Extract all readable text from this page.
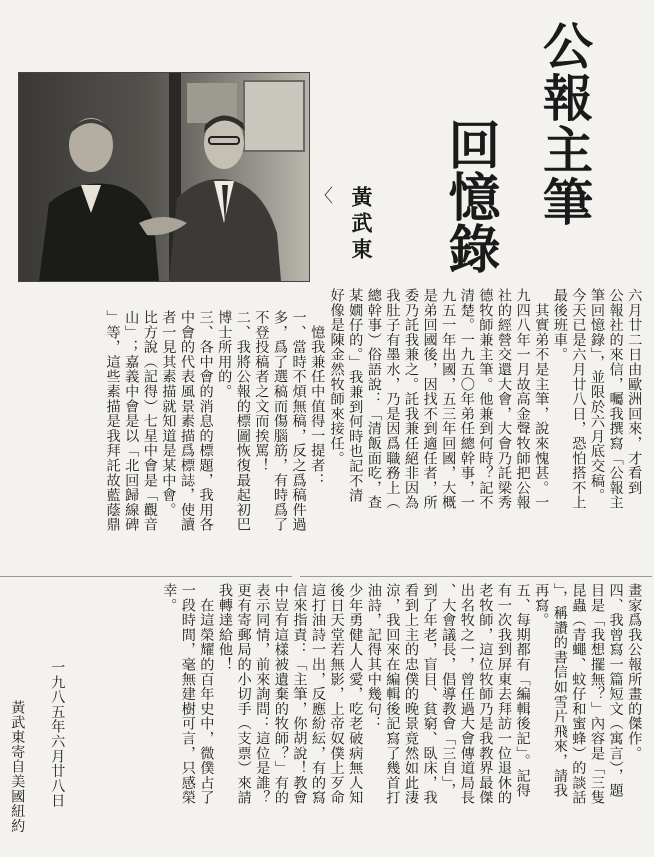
公報主筆
回憶錄
黃武東
〈
六月廿二日由歐洲回來，才看到
公報社的來信，囑我撰寫「公報主
筆回憶錄」，並限於六月底交稿。
今天已是六月廿八日，恐怕搭不上
最後班車。
　其實弟不是主筆，說來愧甚。一
九四八年一月故高金聲牧師把公報
社的經營交還大會，大會乃託梁秀
德牧師兼主筆。他兼到何時？記不
清楚。一九五〇年弟任總幹事，一
九五一年出國，五三年回國，大概
是弟回國後，因找不到適任者，所
委乃託我兼之。託我兼任絕非因為
我肚子有墨水，乃是因爲職務上（
總幹事）俗語說：「清飯面吃，查
某嫺仔的。」我兼到何時也記不清
好像是陳金然牧師來接任。
　憶我兼任中值得一提者：
一、當時不煩無稿，反之爲稿件過
多，爲了選稿而傷腦筋，有時爲了
不登投稿者之文而挨罵！
二、我將公報的標圖恢復最起初巴
博士所用的。
三、各中會的消息的標題，我用各
中會的代表風景素描爲標誌，使讀
者一見其素描就知道是某中會。
比方說（記得）七星中會是「觀音
山」；嘉義中會是以「北回歸線碑
」等，這些素描是我拜託故藍蔭鼎
畫家爲我公報所畫的傑作。
四、我曾寫一篇短文（寓言），題
目是「我想擺無？」內容是「三隻
昆蟲（青蠅、蚊仔和蜜蜂）的談話
」，稱讚的書信如雪片飛來，請我
再寫。
五、每期都有「編輯後記」。記得
有一次我到屏東去拜訪一位退休的
老牧師，這位牧師乃是我教界最傑
出名牧之一，曾任過大會傳道局長
、大會議長，倡導教會「三自」，
到了年老，盲目、貧窮、臥床，我
看到上主的忠僕的晚景竟然如此淒
涼，我回來在編輯後記寫了幾首打
油詩，記得其中幾句：
少年勇健人人愛，吃老破病無人知
後日天堂若無影，上帝奴僕上歹命
這打油詩一出，反應紛紜，有的寫
信來指責：「主筆，你胡說！教會
中豈有這樣被遺棄的牧師？」有的
表示同情，前來詢問：這位是誰？
更有寄郵局的小切手（支票）來請
我轉達給他！
　在這榮耀的百年史中，微僕占了
一段時間，毫無建樹可言，只感榮
幸。
一九八五年六月廿八日
黃武東寄自美國紐約
